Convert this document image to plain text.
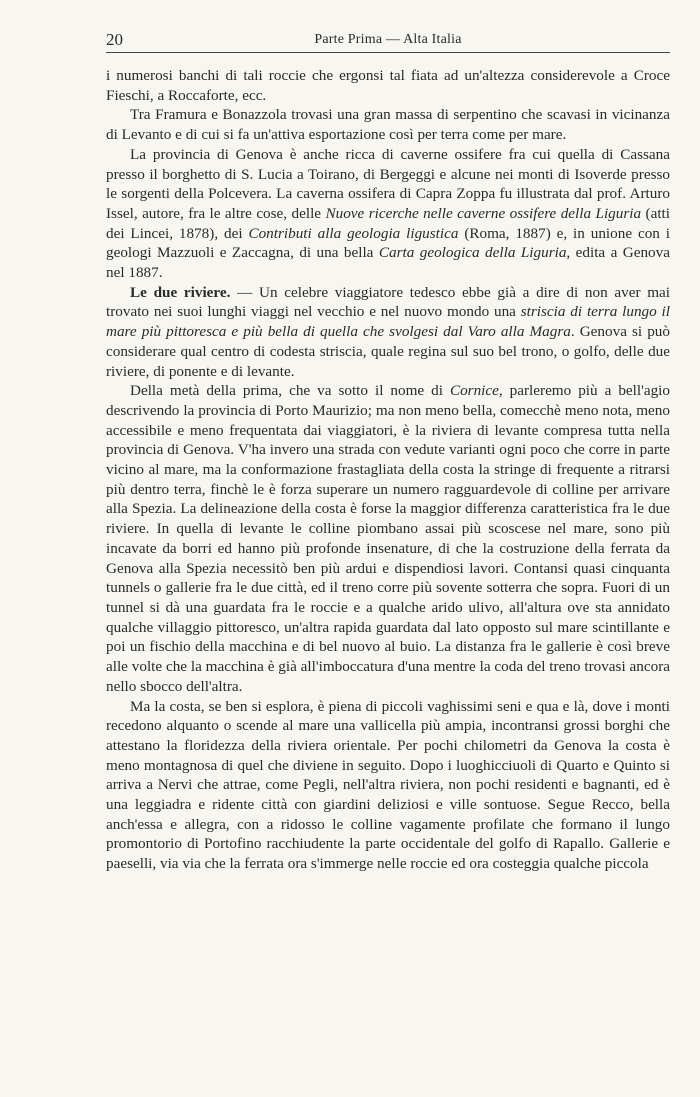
20	Parte Prima — Alta Italia

i numerosi banchi di tali roccie che ergonsi tal fiata ad un'altezza considerevole a Croce Fieschi, a Roccaforte, ecc.

Tra Framura e Bonazzola trovasi una gran massa di serpentino che scavasi in vicinanza di Levanto e di cui si fa un'attiva esportazione così per terra come per mare.

La provincia di Genova è anche ricca di caverne ossifere fra cui quella di Cassana presso il borghetto di S. Lucia a Toirano, di Bergeggi e alcune nei monti di Isoverde presso le sorgenti della Polcevera. La caverna ossifera di Capra Zoppa fu illustrata dal prof. Arturo Issel, autore, fra le altre cose, delle Nuove ricerche nelle caverne ossifere della Liguria (atti dei Lincei, 1878), dei Contributi alla geologia ligustica (Roma, 1887) e, in unione con i geologi Mazzuoli e Zaccagna, di una bella Carta geologica della Liguria, edita a Genova nel 1887.

Le due riviere. — Un celebre viaggiatore tedesco ebbe già a dire di non aver mai trovato nei suoi lunghi viaggi nel vecchio e nel nuovo mondo una striscia di terra lungo il mare più pittoresca e più bella di quella che svolgesi dal Varo alla Magra. Genova si può considerare qual centro di codesta striscia, quale regina sul suo bel trono, o golfo, delle due riviere, di ponente e di levante.

Della metà della prima, che va sotto il nome di Cornice, parleremo più a bell'agio descrivendo la provincia di Porto Maurizio; ma non meno bella, comecchè meno nota, meno accessibile e meno frequentata dai viaggiatori, è la riviera di levante compresa tutta nella provincia di Genova. V'ha invero una strada con vedute varianti ogni poco che corre in parte vicino al mare, ma la conformazione frastagliata della costa la stringe di frequente a ritrarsi più dentro terra, finchè le è forza superare un numero ragguardevole di colline per arrivare alla Spezia. La delineazione della costa è forse la maggior differenza caratteristica fra le due riviere. In quella di levante le colline piombano assai più scoscese nel mare, sono più incavate da borri ed hanno più profonde insenature, di che la costruzione della ferrata da Genova alla Spezia necessitò ben più ardui e dispendiosi lavori. Contansi quasi cinquanta tunnels o gallerie fra le due città, ed il treno corre più sovente sotterra che sopra. Fuori di un tunnel si dà una guardata fra le roccie e a qualche arido ulivo, all'altura ove sta annidato qualche villaggio pittoresco, un'altra rapida guardata dal lato opposto sul mare scintillante e poi un fischio della macchina e di bel nuovo al buio. La distanza fra le gallerie è così breve alle volte che la macchina è già all'imboccatura d'una mentre la coda del treno trovasi ancora nello sbocco dell'altra.

Ma la costa, se ben si esplora, è piena di piccoli vaghissimi seni e qua e là, dove i monti recedono alquanto o scende al mare una vallicella più ampia, incontransi grossi borghi che attestano la floridezza della riviera orientale. Per pochi chilometri da Genova la costa è meno montagnosa di quel che diviene in seguito. Dopo i luoghicciuoli di Quarto e Quinto si arriva a Nervi che attrae, come Pegli, nell'altra riviera, non pochi residenti e bagnanti, ed è una leggiadra e ridente città con giardini deliziosi e ville sontuose. Segue Recco, bella anch'essa e allegra, con a ridosso le colline vagamente profilate che formano il lungo promontorio di Portofino racchiudente la parte occidentale del golfo di Rapallo. Gallerie e paeselli, via via che la ferrata ora s'immerge nelle roccie ed ora costeggia qualche piccola
